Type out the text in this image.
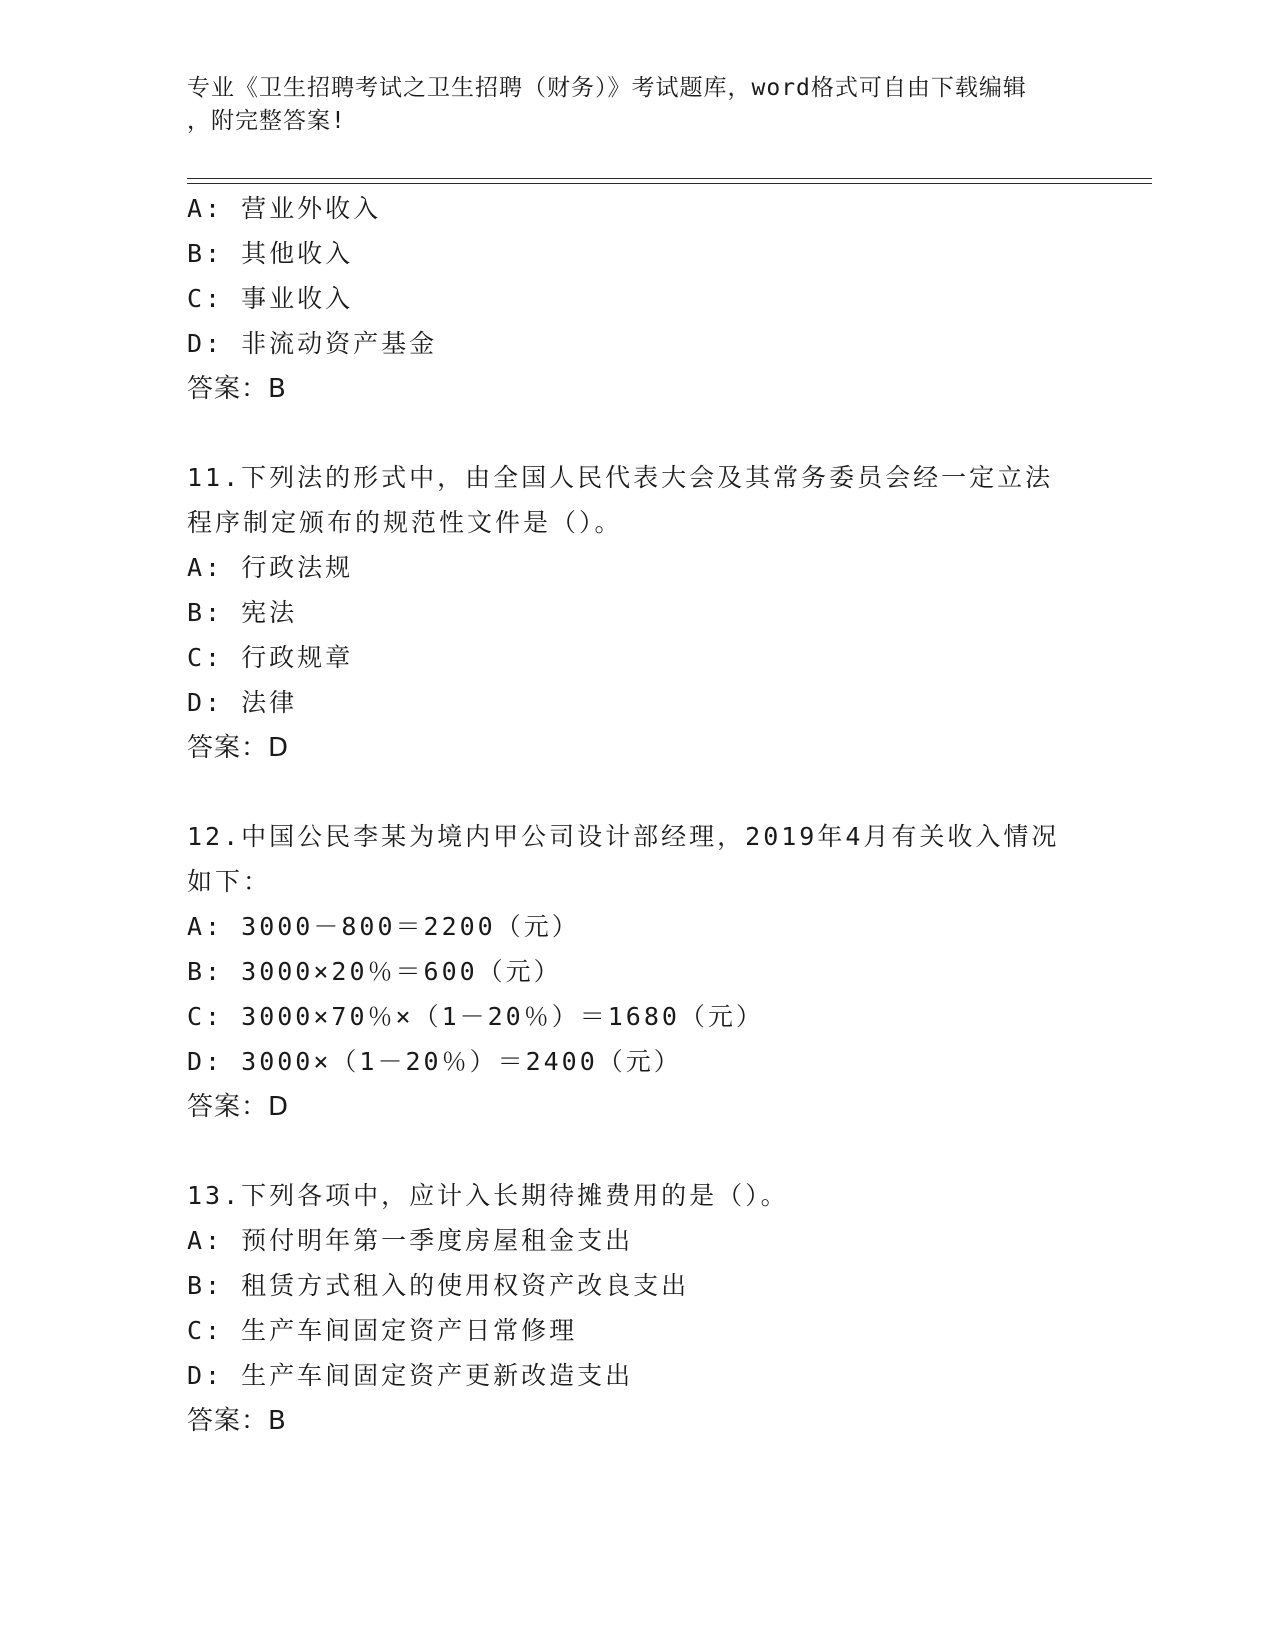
专业《卫生招聘考试之卫生招聘（财务）》考试题库，word格式可自由下载编辑
，附完整答案!
A: 营业外收入
B: 其他收入
C: 事业收入
D: 非流动资产基金
答案：B
11.下列法的形式中，由全国人民代表大会及其常务委员会经一定立法
程序制定颁布的规范性文件是（）。
A: 行政法规
B: 宪法
C: 行政规章
D: 法律
答案：D
12.中国公民李某为境内甲公司设计部经理，2019年4月有关收入情况
如下：
A: 3000－800＝2200（元）
B: 3000×20％＝600（元）
C: 3000×70％×（1－20％）＝1680（元）
D: 3000×（1－20％）＝2400（元）
答案：D
13.下列各项中，应计入长期待摊费用的是（）。
A: 预付明年第一季度房屋租金支出
B: 租赁方式租入的使用权资产改良支出
C: 生产车间固定资产日常修理
D: 生产车间固定资产更新改造支出
答案：B
